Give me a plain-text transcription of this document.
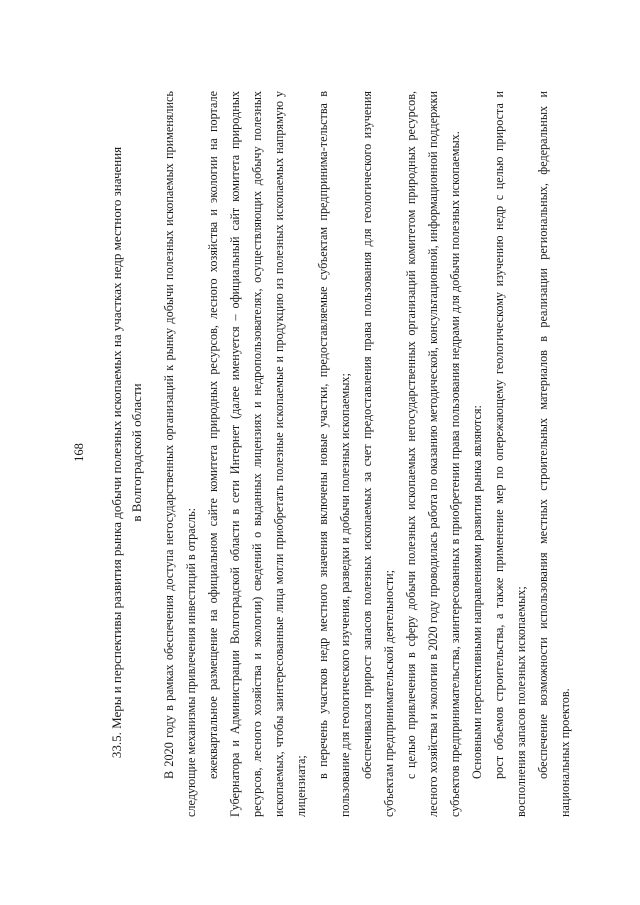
168 33.5. Меры и перспективы развития рынка добычи полезных ископаемых на участках недр местного значения в Волгоградской области	В 2020 году в рамках обеспечения доступа негосударственных организаций к рынку добычи полезных ископаемых применялись следующие механизмы привлечения инвестиций в отрасль: ежеквартальное размещение на официальном сайте комитета природных ресурсов, лесного хозяйства и экологии на портале Губернатора и Администрации Волгоградской области в сети Интернет (далее именуется – официальный сайт комитета природных ресурсов, лесного хозяйства и экологии) сведений о выданных лицензиях и недропользователях, осуществляющих добычу полезных ископаемых, чтобы заинтересованные лица могли приобретать полезные ископаемые и продукцию из полезных ископаемых напрямую у лицензиата;

в перечень участков недр местного значения включены новые участки, предоставляемые субъектам предпринима-тельства в пользование для геологического изучения, разведки и добычи полезных ископаемых; обеспечивался прирост запасов полезных ископаемых за счет предоставления права пользования для геологического изучения субъектам предпринимательской деятельности; с целью привлечения в сферу добычи полезных ископаемых негосударственных организаций комитетом природных ресурсов, лесного хозяйства и экологии в 2020 году проводилась работа по оказанию методической, консультационной, информационной поддержки субъектов предпринимательства, заинтересованных в приобретении права пользования недрами для добычи полезных ископаемых. Основными перспективными направлениями развития рынка являются: рост объемов строительства, а также применение мер по опережающему геологическому изучению недр с целью прироста и восполнения запасов полезных ископаемых; обеспечение возможности использования местных строительных материалов в реализации региональных, федеральных и национальных проектов.
